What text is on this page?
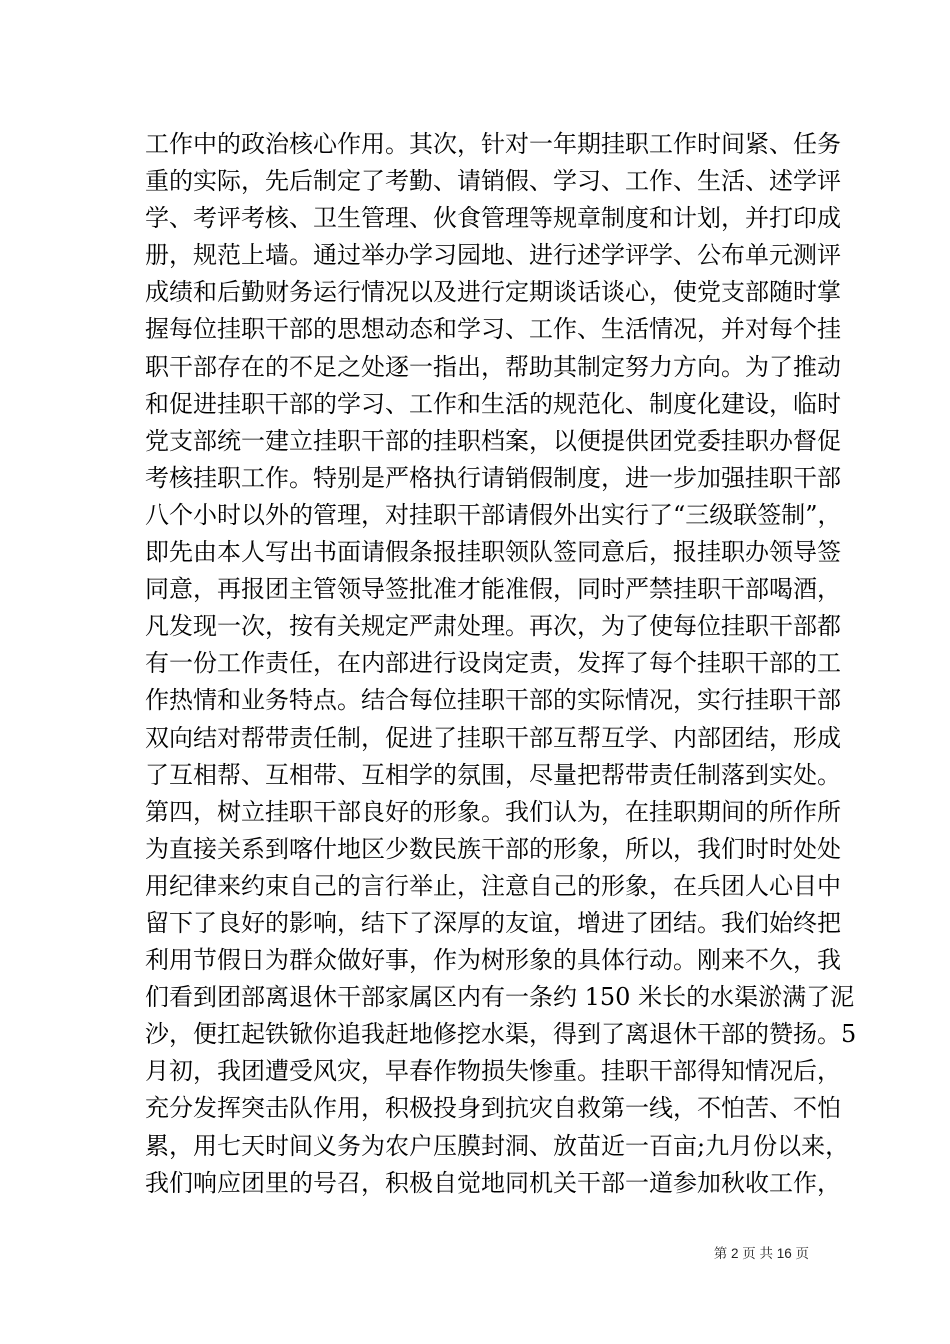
工作中的政治核心作用。其次，针对一年期挂职工作时间紧、任务
重的实际，先后制定了考勤、请销假、学习、工作、生活、述学评
学、考评考核、卫生管理、伙食管理等规章制度和计划，并打印成
册，规范上墙。通过举办学习园地、进行述学评学、公布单元测评
成绩和后勤财务运行情况以及进行定期谈话谈心，使党支部随时掌
握每位挂职干部的思想动态和学习、工作、生活情况，并对每个挂
职干部存在的不足之处逐一指出，帮助其制定努力方向。为了推动
和促进挂职干部的学习、工作和生活的规范化、制度化建设，临时
党支部统一建立挂职干部的挂职档案，以便提供团党委挂职办督促
考核挂职工作。特别是严格执行请销假制度，进一步加强挂职干部
八个小时以外的管理，对挂职干部请假外出实行了“三级联签制”，
即先由本人写出书面请假条报挂职领队签同意后，报挂职办领导签
同意，再报团主管领导签批准才能准假，同时严禁挂职干部喝酒，
凡发现一次，按有关规定严肃处理。再次，为了使每位挂职干部都
有一份工作责任，在内部进行设岗定责，发挥了每个挂职干部的工
作热情和业务特点。结合每位挂职干部的实际情况，实行挂职干部
双向结对帮带责任制，促进了挂职干部互帮互学、内部团结，形成
了互相帮、互相带、互相学的氛围，尽量把帮带责任制落到实处。
第四，树立挂职干部良好的形象。我们认为，在挂职期间的所作所
为直接关系到喀什地区少数民族干部的形象，所以，我们时时处处
用纪律来约束自己的言行举止，注意自己的形象，在兵团人心目中
留下了良好的影响，结下了深厚的友谊，增进了团结。我们始终把
利用节假日为群众做好事，作为树形象的具体行动。刚来不久，我
们看到团部离退休干部家属区内有一条约 150 米长的水渠淤满了泥
沙，便扛起铁锨你追我赶地修挖水渠，得到了离退休干部的赞扬。5
月初，我团遭受风灾，早春作物损失惨重。挂职干部得知情况后，
充分发挥突击队作用，积极投身到抗灾自救第一线，不怕苦、不怕
累，用七天时间义务为农户压膜封洞、放苗近一百亩;九月份以来，
我们响应团里的号召，积极自觉地同机关干部一道参加秋收工作，
第 2 页 共 16 页
